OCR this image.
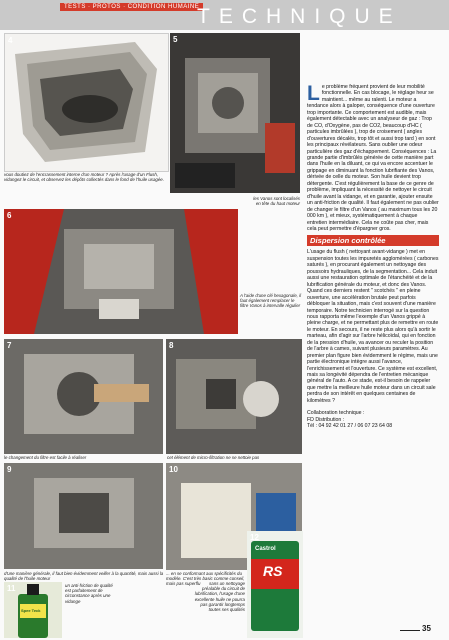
TESTS · PROTOS · CONDITION HUMAINE
TECHNIQUE
4
vous doutiez de l'encrassement interne d'un moteur ? Après l'usage d'un Flush, vidangez le circuit, et observez les dépôts collectés dans le fond de l'huile usagée.
5
les Vanos sont localisés en tête du haut moteur
6
A l'aide d'une clé hexagonale, il faut également remplacer le filtre Vanos à intervalle régulier
7
le changement du filtre est facile à réaliser
8
cet élément de micro-filtration ne se nettoie pas
9
d'une manière générale, il faut bien évidemment veiller à la quantité, mais aussi la qualité de l'huile moteur
10
... en se conformant aux spécificités du modèle. C'est très basic comme conseil, mais pas superflu
11
Spee Teck
un anti-friction de qualité est parfaitement de circonstance après une vidange
12
Castrol
RS
sans un nettoyage préalable du circuit de lubrification, l'usage d'une excellente huile ne pourra pas garantir longtemps toutes ses qualités

Le problème fréquent provient de leur mobilité fonctionnelle. En cas blocage, le réglage heur se maintient... même au ralenti. Le moteur a tendance alors à galoper, conséquence d'une ouverture trop importante. Ce comportement est audible, mais également détectable avec un analyseur de gaz : Trop de CO, d'Oxygène, pas de CO2, beaucoup d'HC ( particules imbrûlées ), trop de croisement ( angles d'ouvertures décalés, trop tôt et aussi trop tard ) en sont les principaux révélateurs. Sans oublier une odeur particulière des gaz d'échappement. Conséquences : La grande partie d'imbrûlés générée de cette manière part dans l'huile en la diluant, ce qui va encore accentuer le grippage en diminuant la fonction lubrifiante des Vanos, dérivée de celle du moteur. Son huile devient trop détergente. C'est régulièrement la base de ce genre de problème, impliquant la nécessité de nettoyer le circuit d'huile avant la vidange, et en garantie, ajouter ensuite un anti-friction de qualité. Il faut également ne pas oublier de changer le filtre d'un Vanos ( au maximum tous les 20 000 km ), et mieux, systématiquement à chaque entretien intermédiaire. Cela ne coûte pas cher, mais cela peut permettre d'épargner gros.

Dispersion contrôlée

L'usage du flush ( nettoyant avant-vidange ) met en suspension toutes les impuretés agglomérées ( carbones saturés ), en procurant également un nettoyage des poussoirs hydrauliques, de la segmentation... Cela induit aussi une restauration optimale de l'étanchéité et de la lubrification générale du moteur, et donc des Vanos. Quand ces derniers restent " scotchés " en pleine ouverture, une accélération brutale peut parfois débloquer la situation, mais c'est souvent d'une manière temporaire. Notre technicien interrogé sur la question nous rapporta même l'exemple d'un Vanos grippé à pleine charge, et ne permettant plus de remettre en route le moteur. En secours, il ne reste plus alors qu'à sortir le marteau, afin d'agir sur l'arbre hélicoïdal, qui en fonction de la pression d'huile, va avancer ou reculer la position de l'arbre à cames, suivant plusieurs paramètres. Au premier plan figure bien évidemment le régime, mais une partie électronique intègre aussi l'avance, l'enrichissement et l'ouverture. Ce système est excellent, mais sa longévité dépendra de l'entretien mécanique général de l'auto. A ce stade, est-il besoin de rappeler que mettre la meilleure huile moteur dans un circuit sale perdra de son intérêt en quelques centaines de kilomètres ?

Collaboration technique :

FD Distribution :

Tél : 04 92 42 01 27 / 06 07 23 64 08

35
